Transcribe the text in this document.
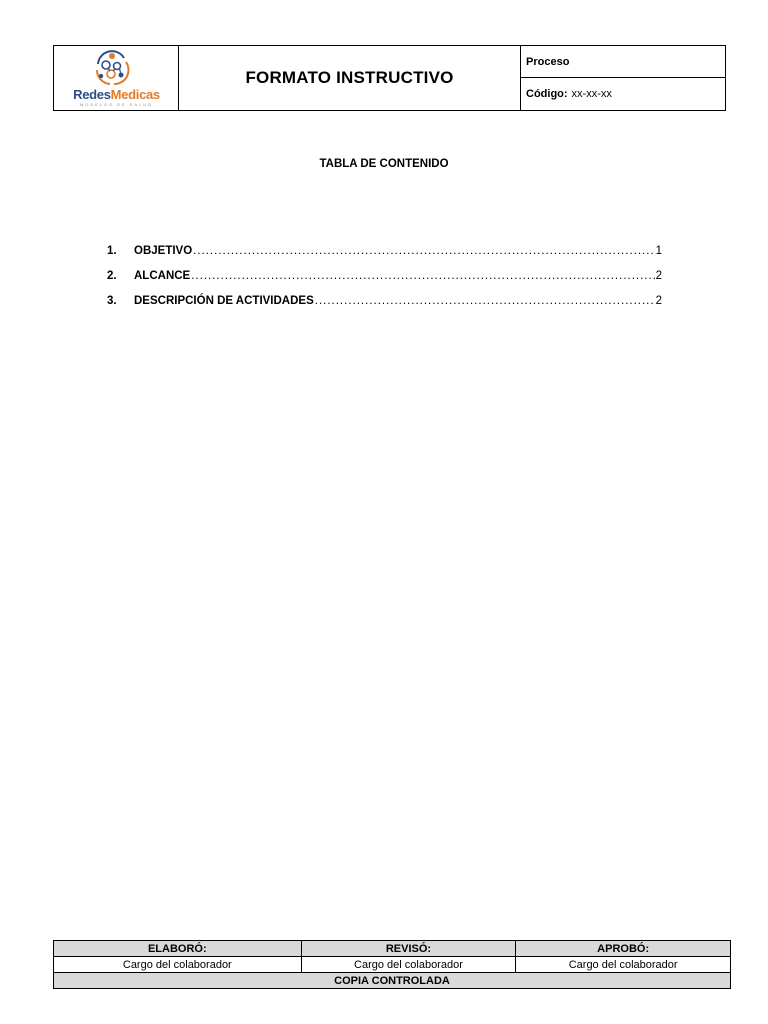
RedesMedicas
MODELOS DE SALUD
FORMATO INSTRUCTIVO
Proceso
Código: xx-xx-xx
TABLA DE CONTENIDO
1.	OBJETIVO .....	1
2.	ALCANCE .....	2
3.	DESCRIPCIÓN DE ACTIVIDADES .....	2
ELABORÓ:	REVISÓ:	APROBÓ:
Cargo del colaborador	Cargo del colaborador	Cargo del colaborador
COPIA CONTROLADA		
